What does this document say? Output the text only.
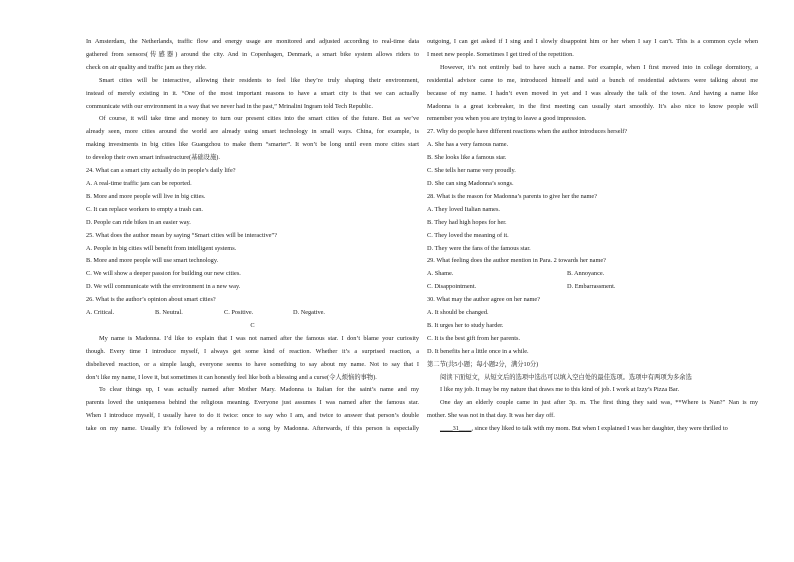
In Amsterdam, the Netherlands, traffic flow and energy usage are monitored and adjusted according to real-time data

gathered from sensors(传感器) around the city. And in Copenhagen, Denmark, a smart bike system allows riders to

check on air quality and traffic jam as they ride.

Smart cities will be interactive, allowing their residents to feel like they’re truly shaping their environment,

instead of merely existing in it. “One of the most important reasons to have a smart city is that we can actually

communicate with our environment in a way that we never had in the past,” Mrinalini Ingram told Tech Republic.

Of course, it will take time and money to turn our present cities into the smart cities of the future. But as we’ve

already seen, more cities around the world are already using smart technology in small ways. China, for example, is

making investments in big cities like Guangzhou to make them “smarter”. It won’t be long until even more cities start

to develop their own smart infrastructure(基础设施).

24. What can a smart city actually do in people’s daily life?

A. A real-time traffic jam can be reported.

B. More and more people will live in big cities.

C. It can replace workers to empty a trash can.

D. People can ride bikes in an easier way.

25. What does the author mean by saying “Smart cities will be interactive”?

A. People in big cities will benefit from intelligent systems.

B. More and more people will use smart technology.

C. We will show a deeper passion for building our new cities.

D. We will communicate with the environment in a new way.

26. What is the author’s opinion about smart cities?

A. Critical.	B. Neutral.	C. Positive.	D. Negative.

C

My name is Madonna. I’d like to explain that I was not named after the famous star. I don’t blame your curiosity

though. Every time I introduce myself, I always get some kind of reaction. Whether it’s a surprised reaction, a

disbelieved reaction, or a simple laugh, everyone seems to have something to say about my name. Not to say that I

don’t like my name, I love it, but sometimes it can honestly feel like both a blessing and a curse(令人烦恼的事物).

To clear things up, I was actually named after Mother Mary. Madonna is Italian for the saint’s name and my

parents loved the uniqueness behind the religious meaning. Everyone just assumes I was named after the famous star.

When I introduce myself, I usually have to do it twice: once to say who I am, and twice to answer that person’s double

take on my name. Usually it’s followed by a reference to a song by Madonna. Afterwards, if this person is especially

outgoing, I can get asked if I sing and I slowly disappoint him or her when I say I can’t. This is a common cycle when

I meet new people. Sometimes I get tired of the repetition.

However, it’s not entirely bad to have such a name. For example, when I first moved into in college dormitory, a

residential advisor came to me, introduced himself and said a bunch of residential advisors were talking about me

because of my name. I hadn’t even moved in yet and I was already the talk of the town. And having a name like

Madonna is a great icebreaker, in the first meeting can usually start smoothly. It’s also nice to know people will

remember you when you are trying to leave a good impression.

27. Why do people have different reactions when the author introduces herself?

A. She has a very famous name.

B. She looks like a famous star.

C. She tells her name very proudly.

D. She can sing Madonna’s songs.

28. What is the reason for Madonna’s parents to give her the name?

A. They loved Italian names.

B. They had high hopes for her.

C. They loved the meaning of it.

D. They were the fans of the famous star.

29. What feeling does the author mention in Para. 2 towards her name?

A. Shame.	B. Annoyance.

C. Disappointment.	D. Embarrassment.

30. What may the author agree on her name?

A. It should be changed.

B. It urges her to study harder.

C. It is the best gift from her parents.

D. It benefits her a little once in a while.

第二节(共5小题；每小题2分，满分10分)

阅读下面短文，从短文后的选项中选出可以填入空白处的最佳选项。选项中有两项为多余选

I like my job. It may be my nature that draws me to this kind of job. I work at Izzy’s Pizza Bar.

One day an elderly couple came in just after 3p. m. The first thing they said was, **Where is Nan?" Nan is my

mother. She was not in that day. It was her day off.

____31____, since they liked to talk with my mom. But when I explained I was her daughter, they were thrilled to
